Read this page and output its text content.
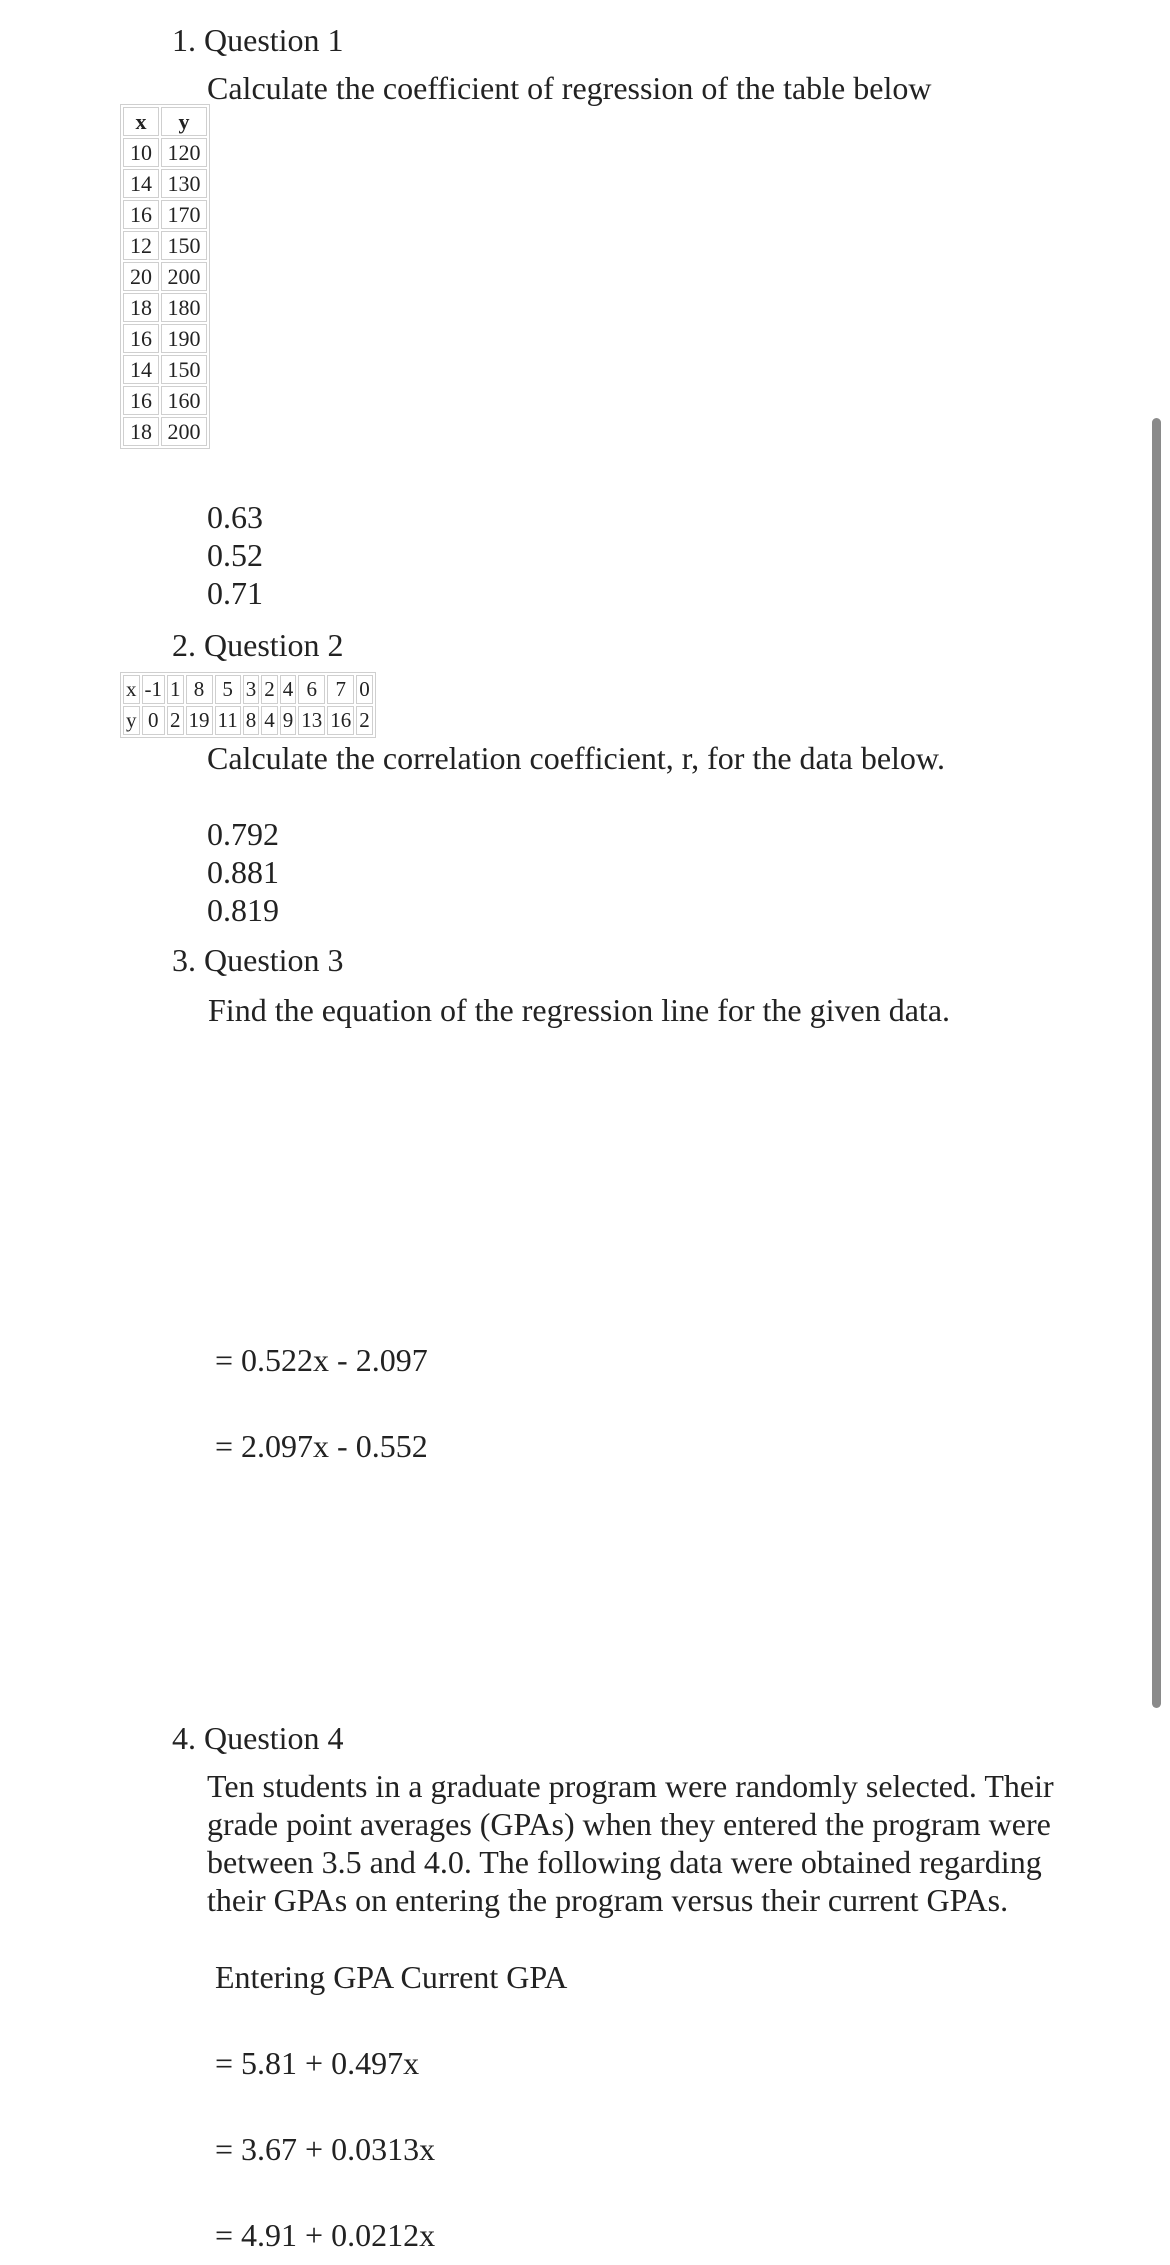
1. Question 1
Calculate the coefficient of regression of the table below
x	y
10	120
14	130
16	170
12	150
20	200
18	180
16	190
14	150
16	160
18	200
0.63
0.52
0.71
2. Question 2
x	-1	1	8	5	3	2	4	6	7	0
y	0	2	19	11	8	4	9	13	16	2
Calculate the correlation coefficient, r, for the data below.
0.792
0.881
0.819
3. Question 3
Find the equation of the regression line for the given data.
= 0.522x - 2.097
= 2.097x - 0.552
4. Question 4
Ten students in a graduate program were randomly selected. Their grade point averages (GPAs) when they entered the program were between 3.5 and 4.0. The following data were obtained regarding their GPAs on entering the program versus their current GPAs.
Entering GPA Current GPA
= 5.81 + 0.497x
= 3.67 + 0.0313x
= 4.91 + 0.0212x
